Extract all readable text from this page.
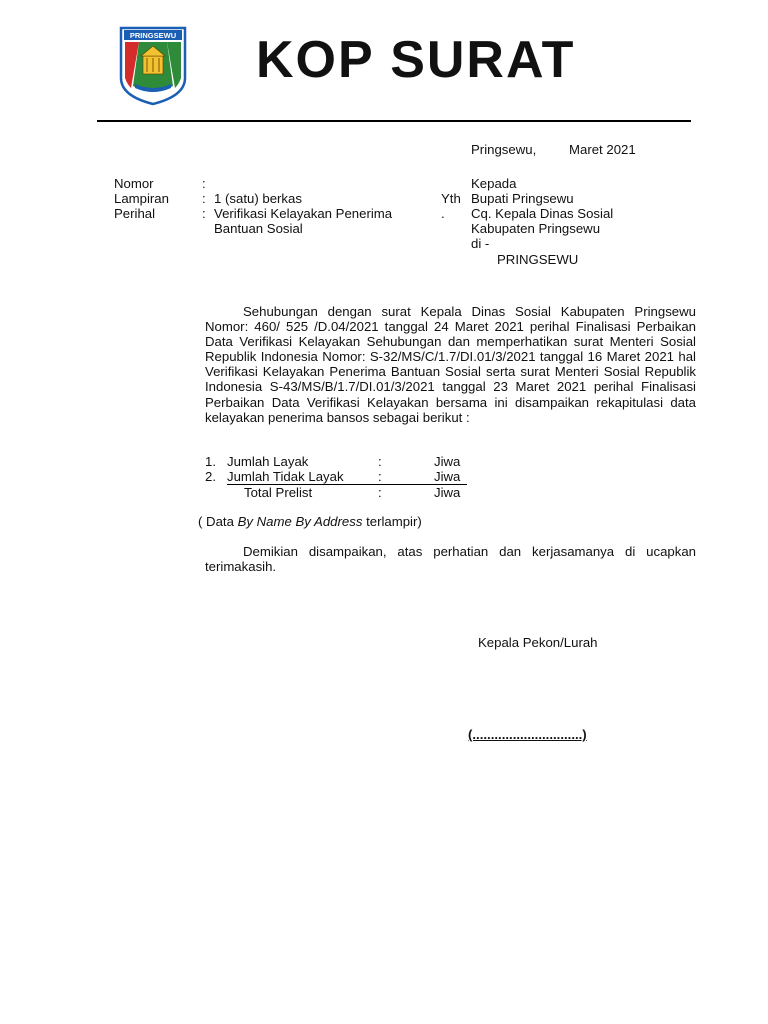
PRINGSEWU KOP SURAT
Pringsewu, Maret 2021
Nomor	:
Lampiran	: 1 (satu) berkas
Perihal	: Verifikasi Kelayakan Penerima
Bantuan Sosial
Yth
.
Kepada
Bupati Pringsewu
Cq. Kepala Dinas Sosial
Kabupaten Pringsewu
di -
PRINGSEWU
Sehubungan dengan surat Kepala Dinas Sosial Kabupaten Pringsewu Nomor: 460/ 525 /D.04/2021 tanggal 24 Maret 2021 perihal Finalisasi Perbaikan Data Verifikasi Kelayakan Sehubungan dan memperhatikan surat Menteri Sosial Republik Indonesia Nomor: S-32/MS/C/1.7/DI.01/3/2021 tanggal 16 Maret 2021 hal Verifikasi Kelayakan Penerima Bantuan Sosial serta surat Menteri Sosial Republik Indonesia S-43/MS/B/1.7/DI.01/3/2021 tanggal 23 Maret 2021 perihal Finalisasi Perbaikan Data Verifikasi Kelayakan bersama ini disampaikan rekapitulasi data kelayakan penerima bansos sebagai berikut :
1. Jumlah Layak	:	Jiwa
2. Jumlah Tidak Layak	:	Jiwa
Total Prelist	:	Jiwa
( Data By Name By Address terlampir)
Demikian disampaikan, atas perhatian dan kerjasamanya di ucapkan terimakasih.
Kepala Pekon/Lurah
(..............................)
